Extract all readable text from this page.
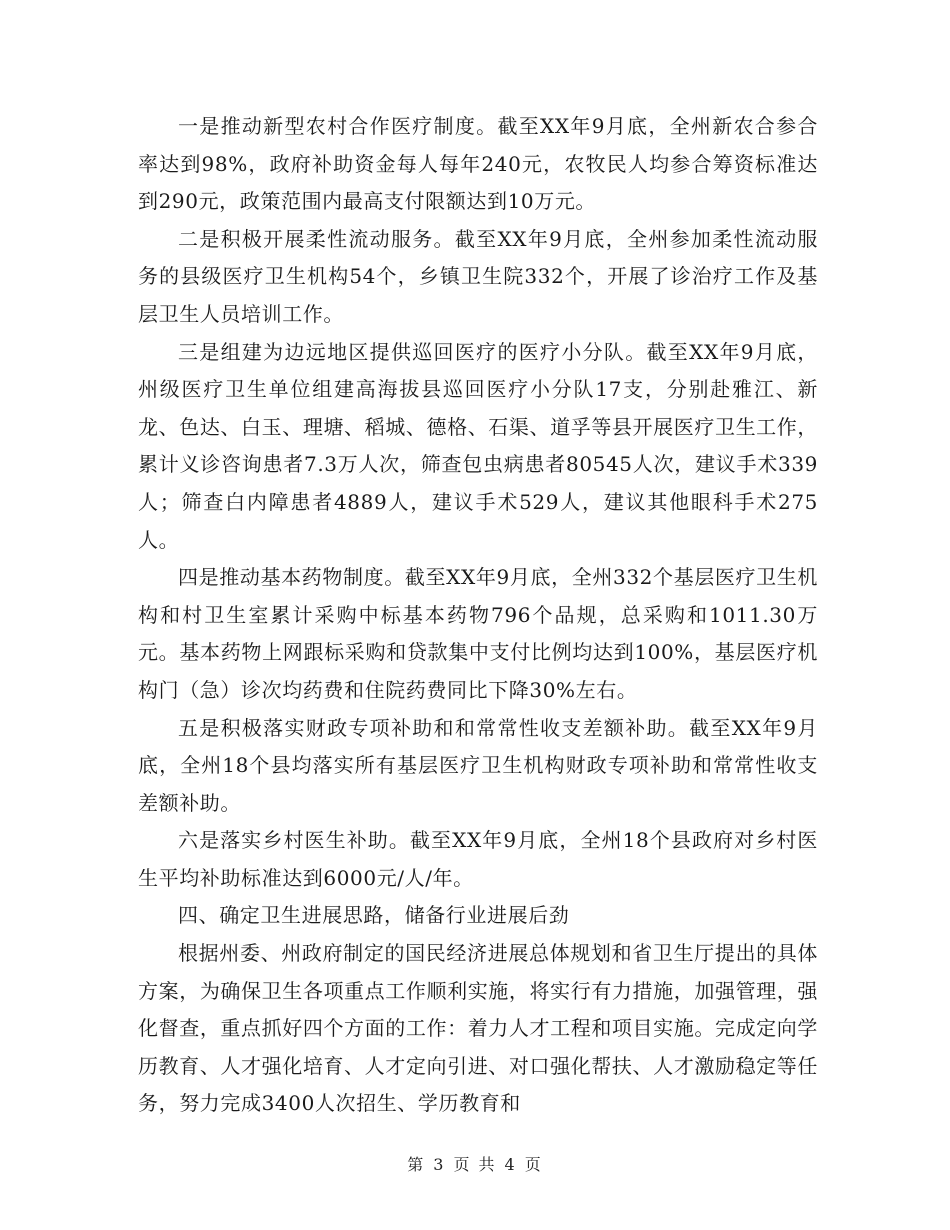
一是推动新型农村合作医疗制度。截至XX年9月底，全州新农合参合率达到98%，政府补助资金每人每年240元，农牧民人均参合筹资标准达到290元，政策范围内最高支付限额达到10万元。

二是积极开展柔性流动服务。截至XX年9月底，全州参加柔性流动服务的县级医疗卫生机构54个，乡镇卫生院332个，开展了诊治疗工作及基层卫生人员培训工作。

三是组建为边远地区提供巡回医疗的医疗小分队。截至XX年9月底，州级医疗卫生单位组建高海拔县巡回医疗小分队17支，分别赴雅江、新龙、色达、白玉、理塘、稻城、德格、石渠、道孚等县开展医疗卫生工作，累计义诊咨询患者7.3万人次，筛查包虫病患者80545人次，建议手术339人；筛查白内障患者4889人，建议手术529人，建议其他眼科手术275人。

四是推动基本药物制度。截至XX年9月底，全州332个基层医疗卫生机构和村卫生室累计采购中标基本药物796个品规，总采购和1011.30万元。基本药物上网跟标采购和贷款集中支付比例均达到100%，基层医疗机构门（急）诊次均药费和住院药费同比下降30%左右。

五是积极落实财政专项补助和和常常性收支差额补助。截至XX年9月底，全州18个县均落实所有基层医疗卫生机构财政专项补助和常常性收支差额补助。

六是落实乡村医生补助。截至XX年9月底，全州18个县政府对乡村医生平均补助标准达到6000元/人/年。

四、确定卫生进展思路，储备行业进展后劲

根据州委、州政府制定的国民经济进展总体规划和省卫生厅提出的具体方案，为确保卫生各项重点工作顺利实施，将实行有力措施，加强管理，强化督查，重点抓好四个方面的工作：着力人才工程和项目实施。完成定向学历教育、人才强化培育、人才定向引进、对口强化帮扶、人才激励稳定等任务，努力完成3400人次招生、学历教育和

第 3 页 共 4 页
